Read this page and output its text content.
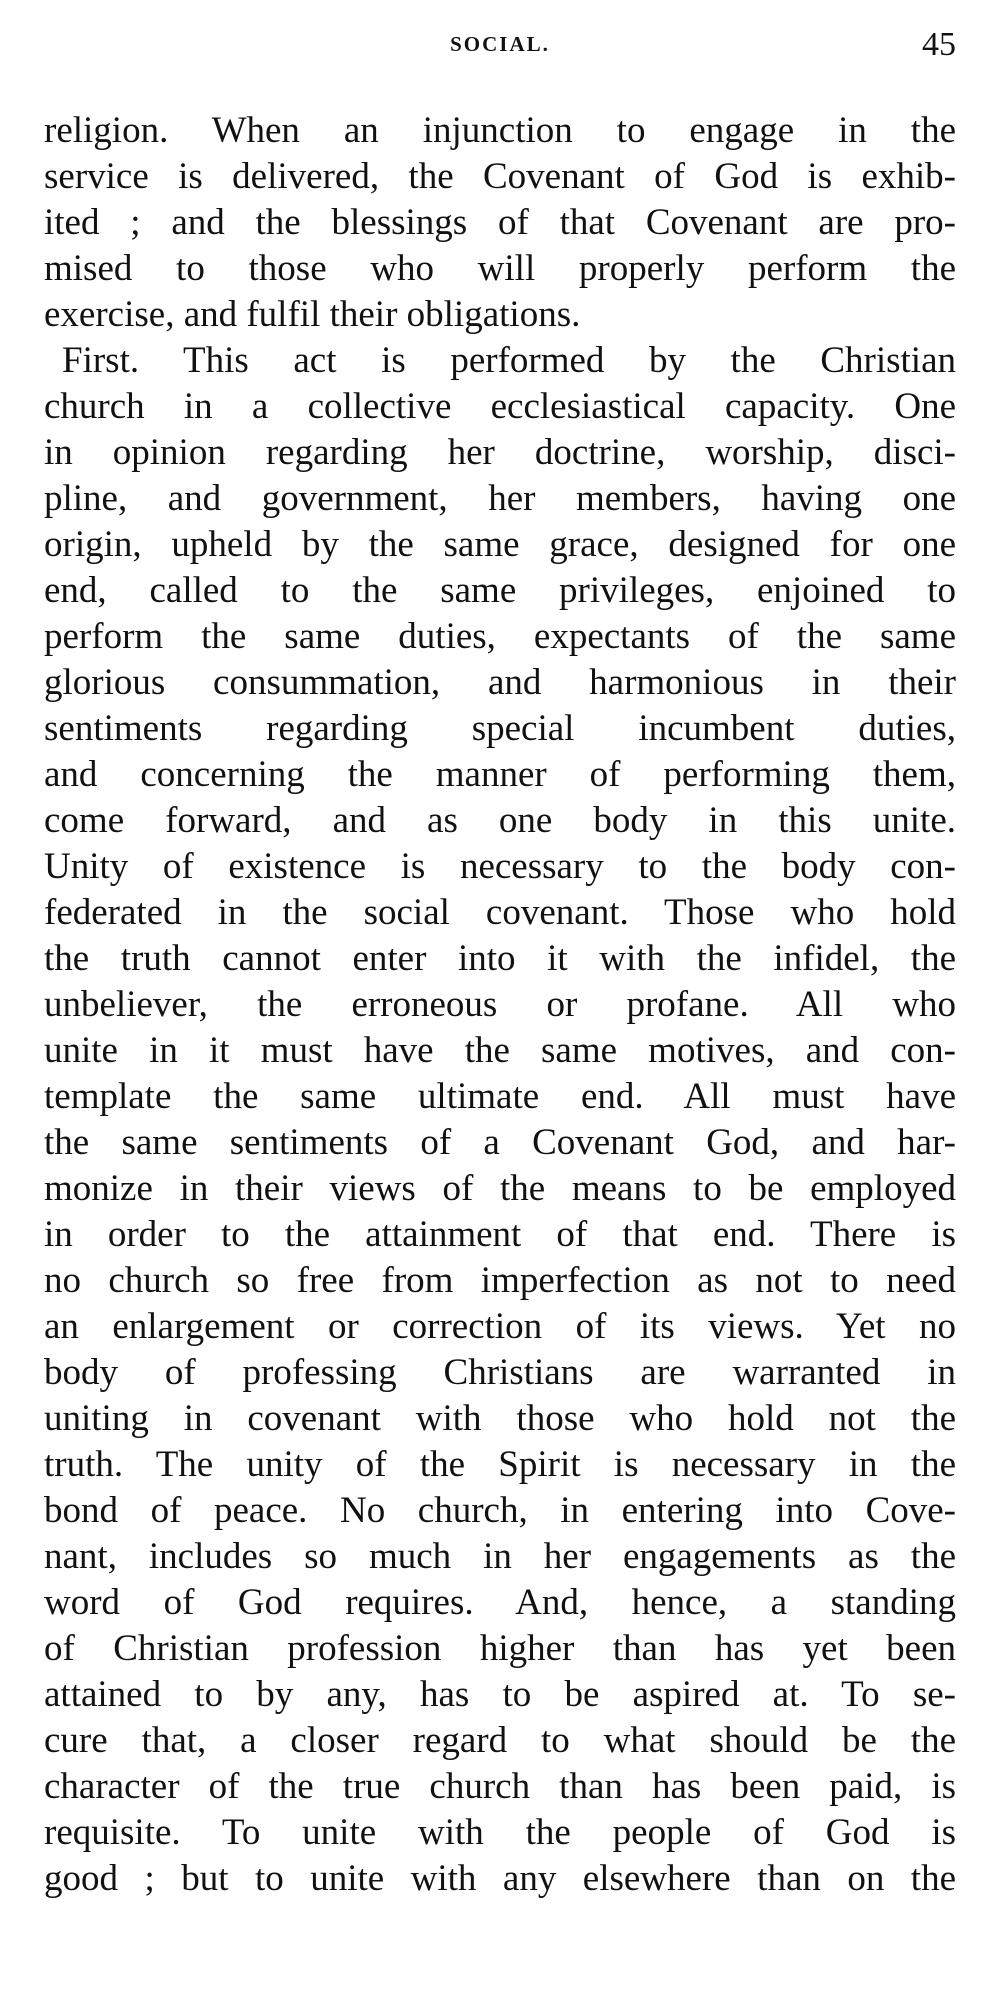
SOCIAL.	45
religion. When an injunction to engage in the
service is delivered, the Covenant of God is exhib-
ited ; and the blessings of that Covenant are pro-
mised to those who will properly perform the
exercise, and fulfil their obligations.
First. This act is performed by the Christian
church in a collective ecclesiastical capacity. One
in opinion regarding her doctrine, worship, disci-
pline, and government, her members, having one
origin, upheld by the same grace, designed for one
end, called to the same privileges, enjoined to
perform the same duties, expectants of the same
glorious consummation, and harmonious in their
sentiments regarding special incumbent duties,
and concerning the manner of performing them,
come forward, and as one body in this unite.
Unity of existence is necessary to the body con-
federated in the social covenant. Those who hold
the truth cannot enter into it with the infidel, the
unbeliever, the erroneous or profane. All who
unite in it must have the same motives, and con-
template the same ultimate end. All must have
the same sentiments of a Covenant God, and har-
monize in their views of the means to be employed
in order to the attainment of that end. There is
no church so free from imperfection as not to need
an enlargement or correction of its views. Yet no
body of professing Christians are warranted in
uniting in covenant with those who hold not the
truth. The unity of the Spirit is necessary in the
bond of peace. No church, in entering into Cove-
nant, includes so much in her engagements as the
word of God requires. And, hence, a standing
of Christian profession higher than has yet been
attained to by any, has to be aspired at. To se-
cure that, a closer regard to what should be the
character of the true church than has been paid, is
requisite. To unite with the people of God is
good ; but to unite with any elsewhere than on the
